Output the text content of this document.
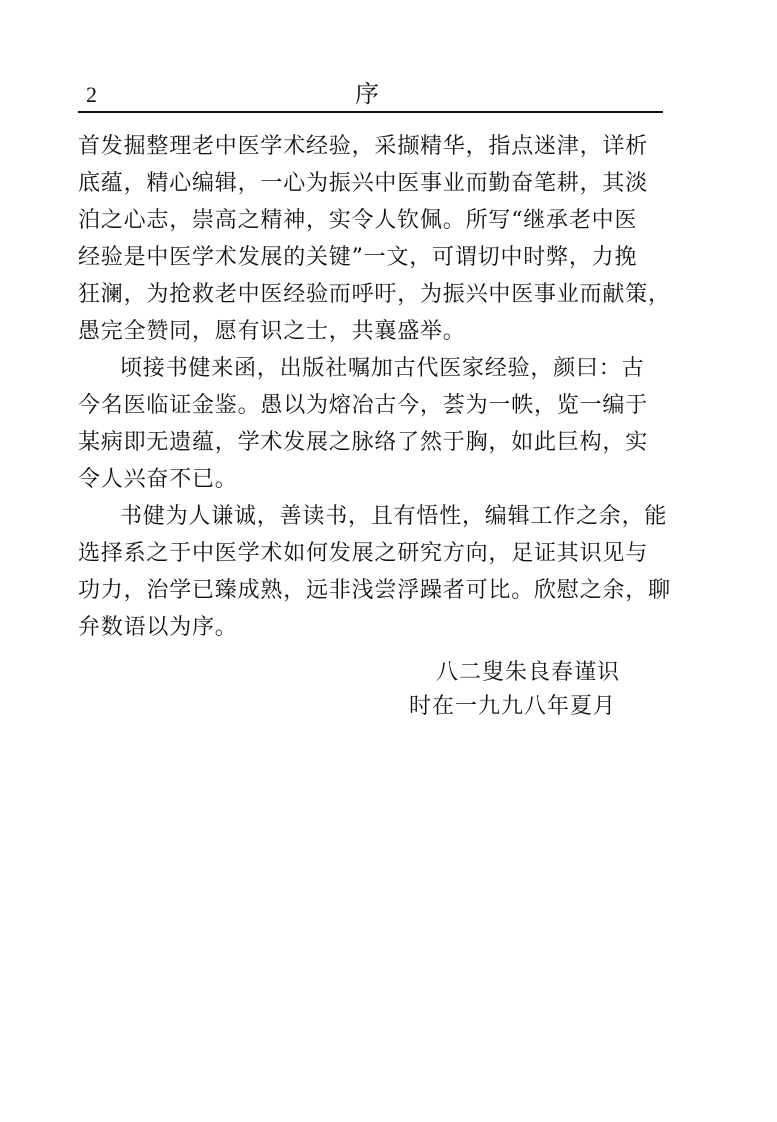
2	序
首发掘整理老中医学术经验，采撷精华，指点迷津，详析
底蕴，精心编辑，一心为振兴中医事业而勤奋笔耕，其淡
泊之心志，崇高之精神，实令人钦佩。所写“继承老中医
经验是中医学术发展的关键”一文，可谓切中时弊，力挽
狂澜，为抢救老中医经验而呼吁，为振兴中医事业而献策，
愚完全赞同，愿有识之士，共襄盛举。
顷接书健来函，出版社嘱加古代医家经验，颜曰：古
今名医临证金鉴。愚以为熔冶古今，荟为一帙，览一编于
某病即无遗蕴，学术发展之脉络了然于胸，如此巨构，实
令人兴奋不已。
书健为人谦诚，善读书，且有悟性，编辑工作之余，能
选择系之于中医学术如何发展之研究方向，足证其识见与
功力，治学已臻成熟，远非浅尝浮躁者可比。欣慰之余，聊
弁数语以为序。
八二叟朱良春谨识
时在一九九八年夏月
